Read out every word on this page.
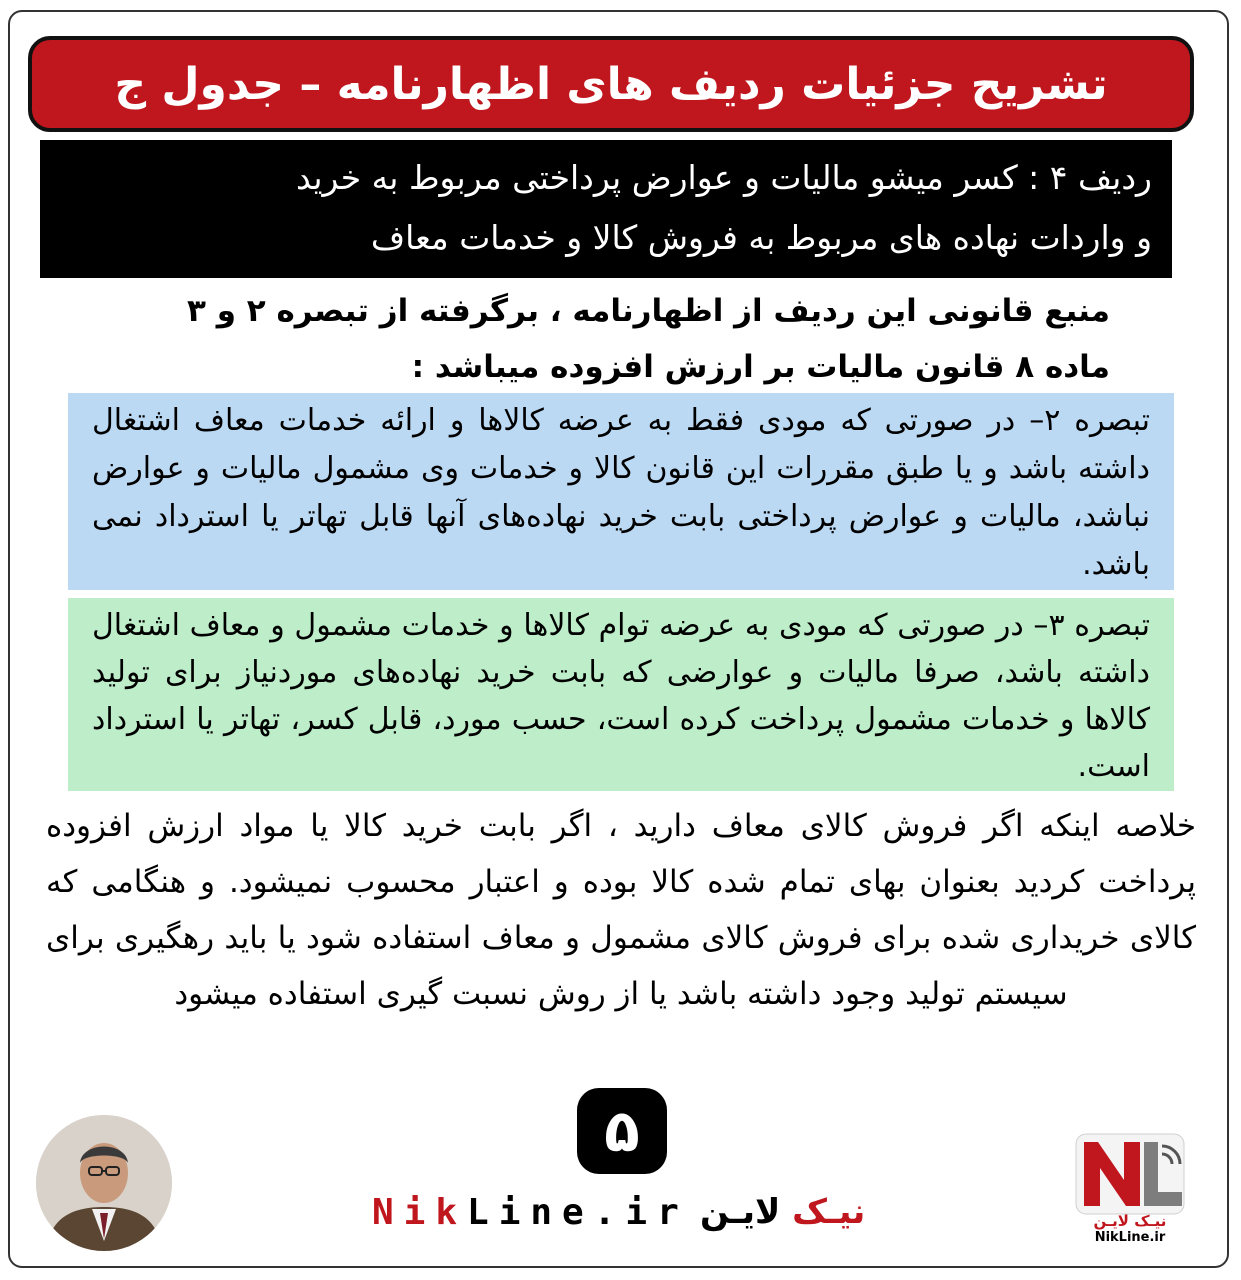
تشریح جزئیات ردیف های اظهارنامه – جدول ج
ردیف ۴ : کسر میشو مالیات و عوارض پرداختی مربوط به خرید
و واردات نهاده های مربوط به فروش کالا و خدمات معاف
منبع قانونی این ردیف از اظهارنامه ، برگرفته از تبصره ۲ و ۳
ماده ۸ قانون مالیات بر ارزش افزوده میباشد :
تبصره ۲– در صورتی که مودی فقط به عرضه کالاها و ارائه خدمات معاف اشتغال داشته باشد و یا طبق مقررات این قانون کالا و خدمات وی مشمول مالیات و عوارض نباشد، مالیات و عوارض پرداختی بابت خرید نهاده‌های آنها قابل تهاتر یا استرداد نمی باشد.
تبصره ۳– در صورتی که مودی به عرضه توام کالاها و خدمات مشمول و معاف اشتغال داشته باشد، صرفا مالیات و عوارضی که بابت خرید نهاده‌های موردنیاز برای تولید کالاها و خدمات مشمول پرداخت کرده است، حسب مورد، قابل کسر، تهاتر یا استرداد است.
خلاصه اینکه اگر فروش کالای معاف دارید ، اگر بابت خرید کالا یا مواد ارزش افزوده پرداخت کردید بعنوان بهای تمام شده کالا بوده و اعتبار محسوب نمیشود. و هنگامی که کالای خریداری شده برای فروش کالای مشمول و معاف استفاده شود یا باید رهگیری برای سیستم تولید وجود داشته باشد یا از روش نسبت گیری استفاده میشود
۵
NikLine.ir	نیـک لایـن	نیـک لایـن
NikLine.ir
